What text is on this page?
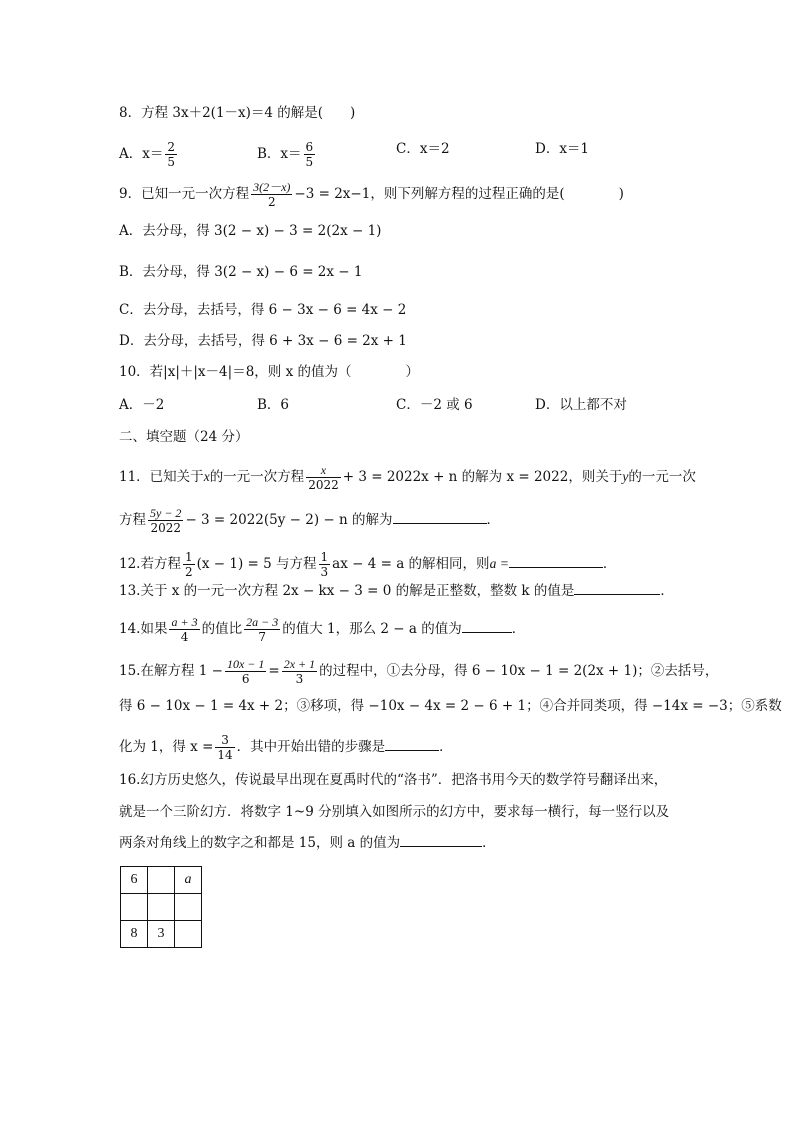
8．方程 3x＋2(1－x)＝4 的解是(　　)
A．$x= \frac{2}{5}$	B．$x= \frac{6}{5}$	C．x＝2	D．x＝1
9．已知一元一次方程 $\frac{3(2-x)}{2} -3 = 2x-1$，则下列解方程的过程正确的是(　　　　)
A．去分母，得 3(2 − x) − 3 = 2(2x − 1)
B．去分母，得 3(2 − x) − 6 = 2x − 1
C．去分母，去括号，得 6 − 3x − 6 = 4x − 2
D．去分母，去括号，得 6 + 3x − 6 = 2x + 1
10．若|x|＋|x－4|＝8，则 x 的值为（　　　　）
A．－2	B．6	C．－2 或 6	D．以上都不对
二、填空题（24 分）
11．已知关于x的一元一次方程 $\frac{x}{2022} + 3 = 2022x + n$ 的解为 x = 2022，则关于y的一元一次
方程 $\frac{5y - 2}{2022} - 3 = 2022(5y - 2) - n$ 的解为	．
12.若方程 $\frac{1}{2} (x - 1) = 5$ 与方程 $\frac{1}{3}$ ax − 4 = a 的解相同，则a =	．
13.关于 x 的一元一次方程 2x − kx − 3 = 0 的解是正整数，整数 k 的值是	．
14.如果 $\frac{a + 3}{4}$ 的值比 $\frac{2a - 3}{7}$ 的值大 1，那么 2 − a 的值为	．
15.在解方程 $1 - \frac{10x - 1}{6} = \frac{2x + 1}{3}$ 的过程中，①去分母，得 6 − 10x − 1 = 2(2x + 1)；②去括号，
得 6 − 10x − 1 = 4x + 2；③移项，得 −10x − 4x = 2 − 6 + 1；④合并同类项，得 −14x = −3；⑤系数
化为 1，得 $x = \frac{3}{14}$ ．其中开始出错的步骤是	．
16.幻方历史悠久，传说最早出现在夏禹时代的“洛书”．把洛书用今天的数学符号翻译出来，
就是一个三阶幻方．将数字 1~9 分别填入如图所示的幻方中，要求每一横行，每一竖行以及
两条对角线上的数字之和都是 15，则 a 的值为	．
6		a

8	3	
